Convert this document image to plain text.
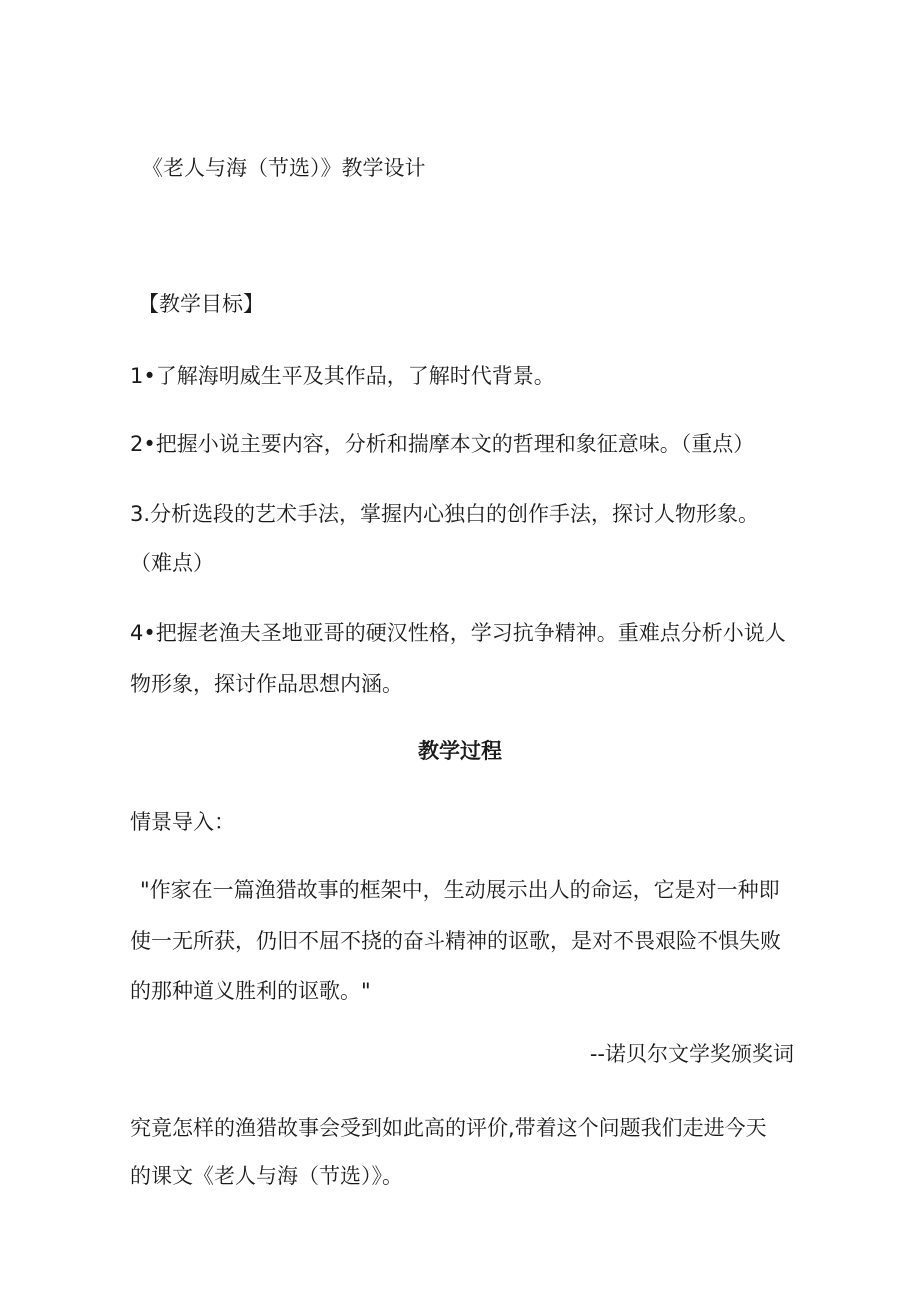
《老人与海（节选）》教学设计
【教学目标】
1•了解海明威生平及其作品，了解时代背景。
2•把握小说主要内容，分析和揣摩本文的哲理和象征意味。（重点）
3.分析选段的艺术手法，掌握内心独白的创作手法，探讨人物形象。
（难点）
4•把握老渔夫圣地亚哥的硬汉性格，学习抗争精神。重难点分析小说人
物形象，探讨作品思想内涵。
教学过程
情景导入：
"作家在一篇渔猎故事的框架中，生动展示出人的命运，它是对一种即
使一无所获，仍旧不屈不挠的奋斗精神的讴歌，是对不畏艰险不惧失败
的那种道义胜利的讴歌。"
--诺贝尔文学奖颁奖词
究竟怎样的渔猎故事会受到如此高的评价,带着这个问题我们走进今天
的课文《老人与海（节选）》。
